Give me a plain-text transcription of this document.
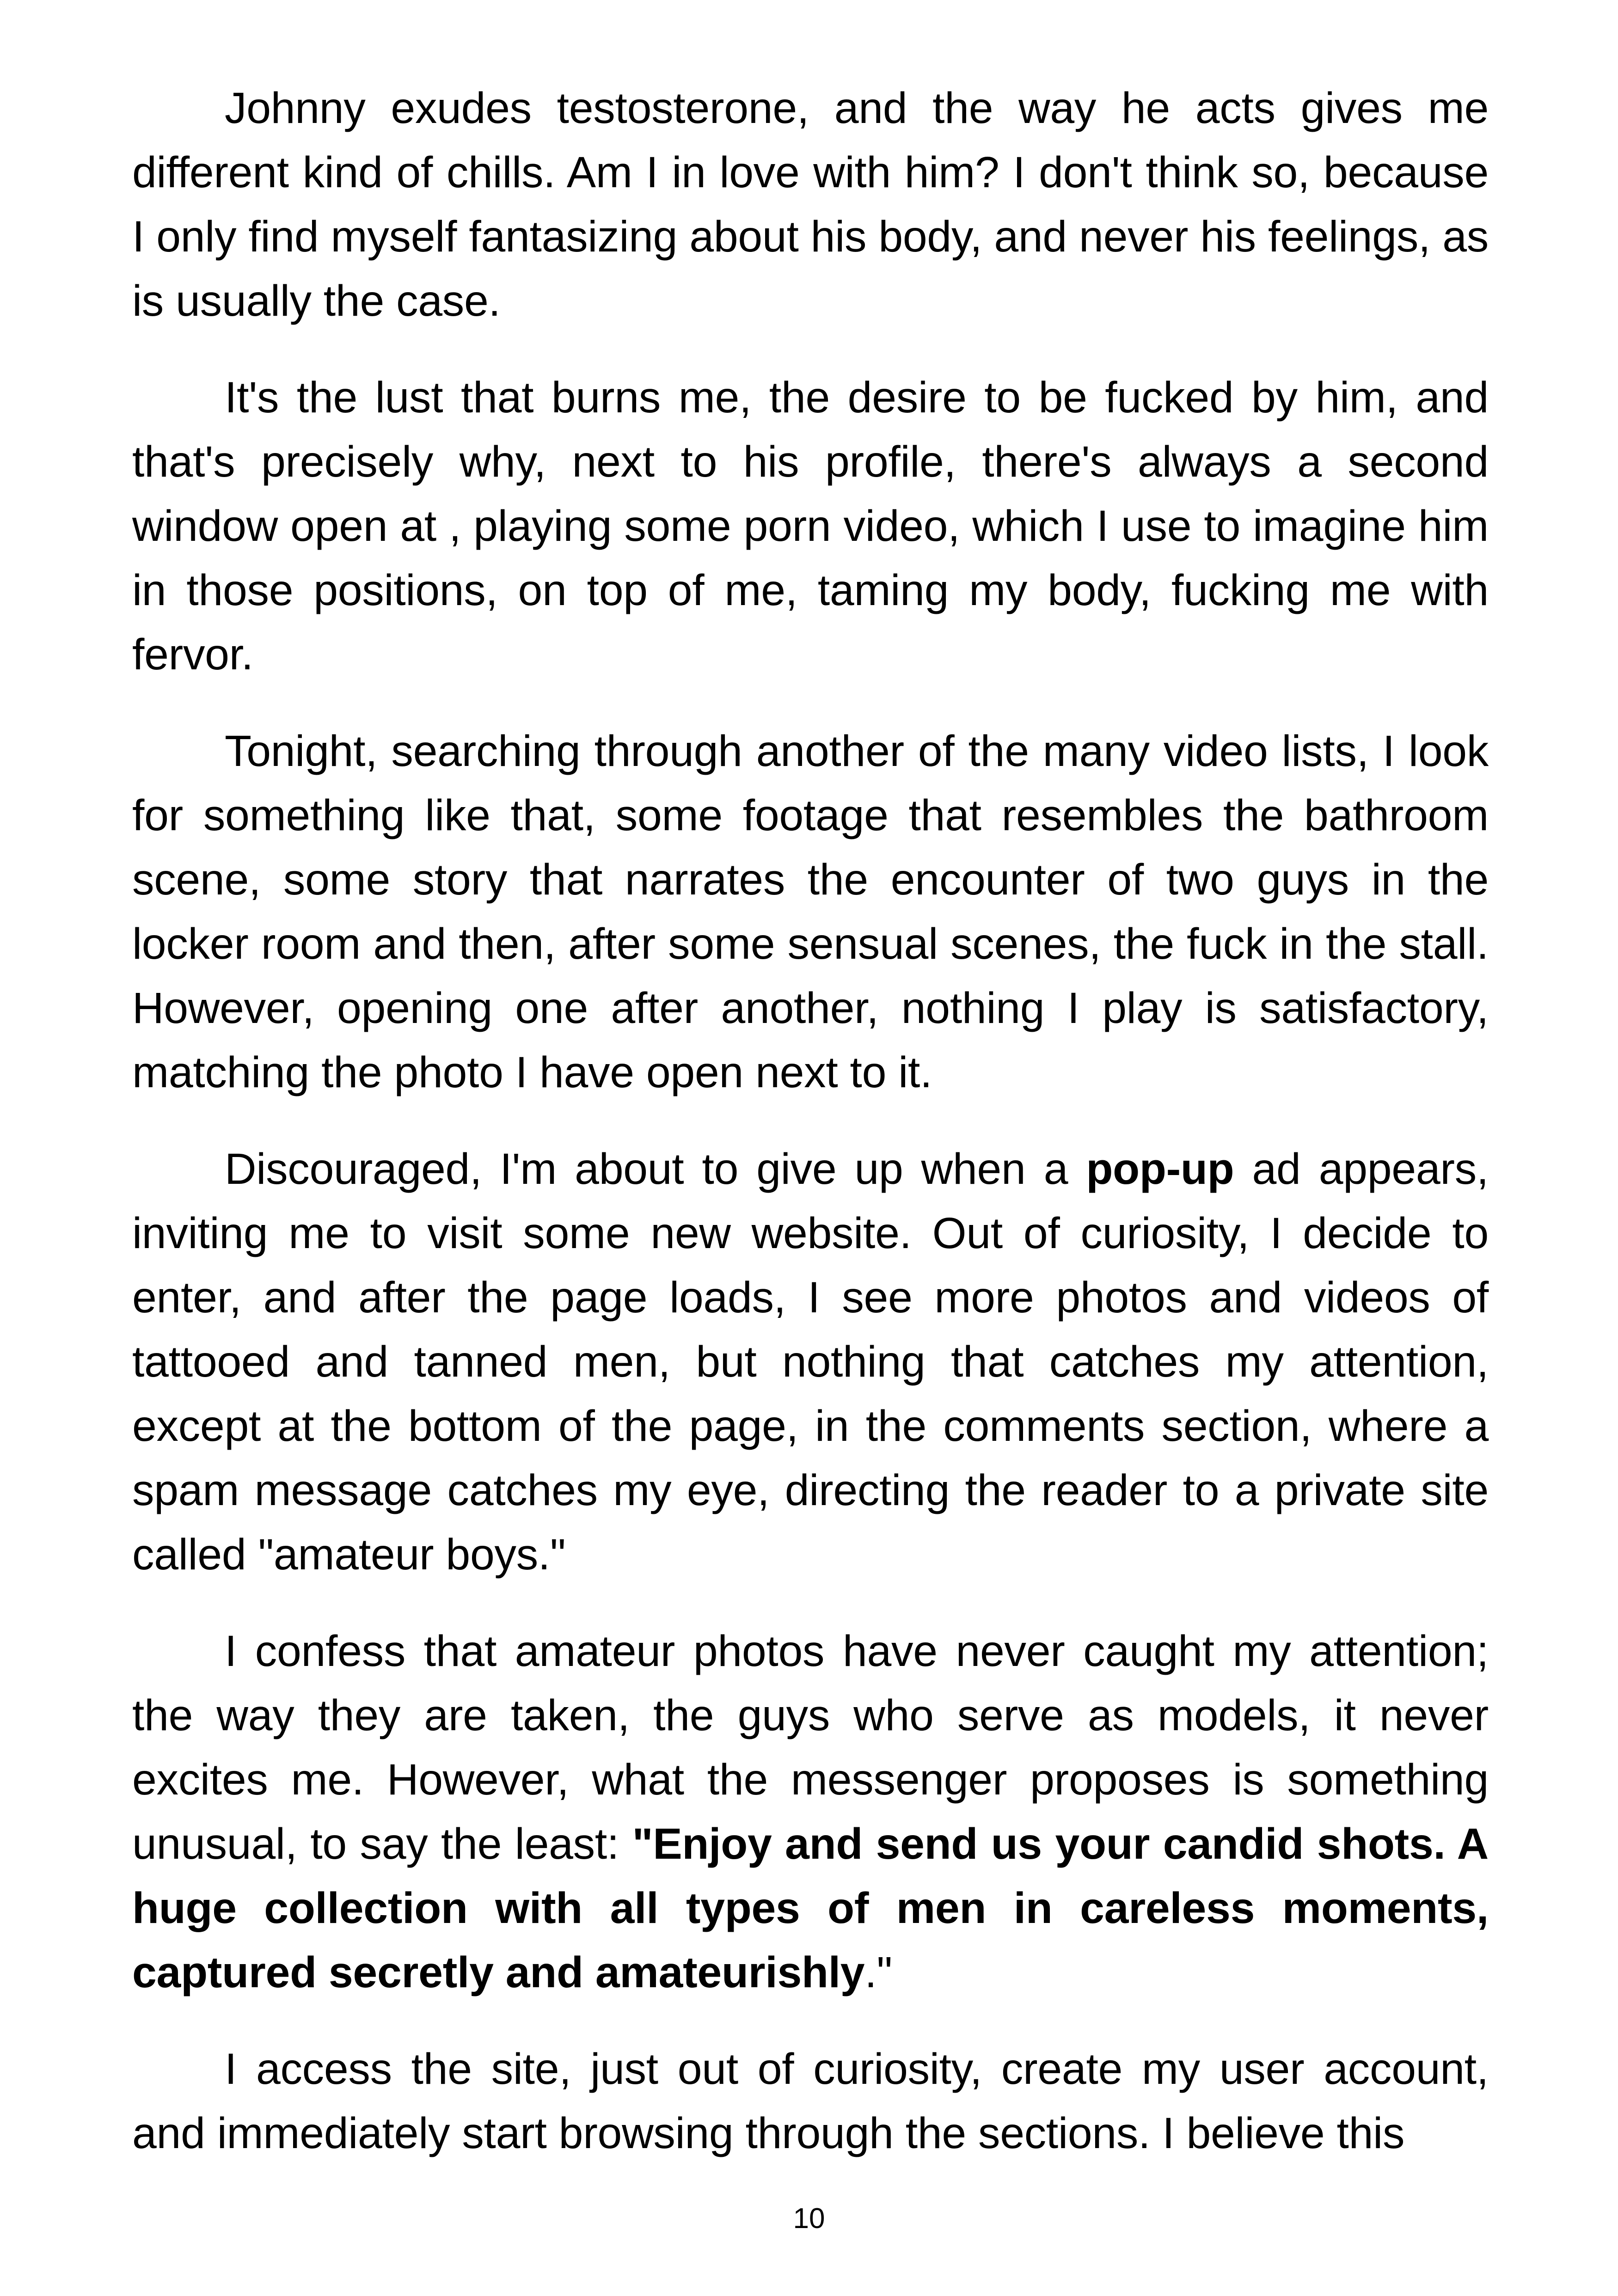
Johnny exudes testosterone, and the way he acts gives me different kind of chills. Am I in love with him? I don't think so, because I only find myself fantasizing about his body, and never his feelings, as is usually the case.

It's the lust that burns me, the desire to be fucked by him, and that's precisely why, next to his profile, there's always a second window open at , playing some porn video, which I use to imagine him in those positions, on top of me, taming my body, fucking me with fervor.

Tonight, searching through another of the many video lists, I look for something like that, some footage that resembles the bathroom scene, some story that narrates the encounter of two guys in the locker room and then, after some sensual scenes, the fuck in the stall. However, opening one after another, nothing I play is satisfactory, matching the photo I have open next to it.

Discouraged, I'm about to give up when a pop-up ad appears, inviting me to visit some new website. Out of curiosity, I decide to enter, and after the page loads, I see more photos and videos of tattooed and tanned men, but nothing that catches my attention, except at the bottom of the page, in the comments section, where a spam message catches my eye, directing the reader to a private site called "amateur boys."

I confess that amateur photos have never caught my attention; the way they are taken, the guys who serve as models, it never excites me. However, what the messenger proposes is something unusual, to say the least: "Enjoy and send us your candid shots. A huge collection with all types of men in careless moments, captured secretly and amateurishly."

I access the site, just out of curiosity, create my user account, and immediately start browsing through the sections. I believe this

10
